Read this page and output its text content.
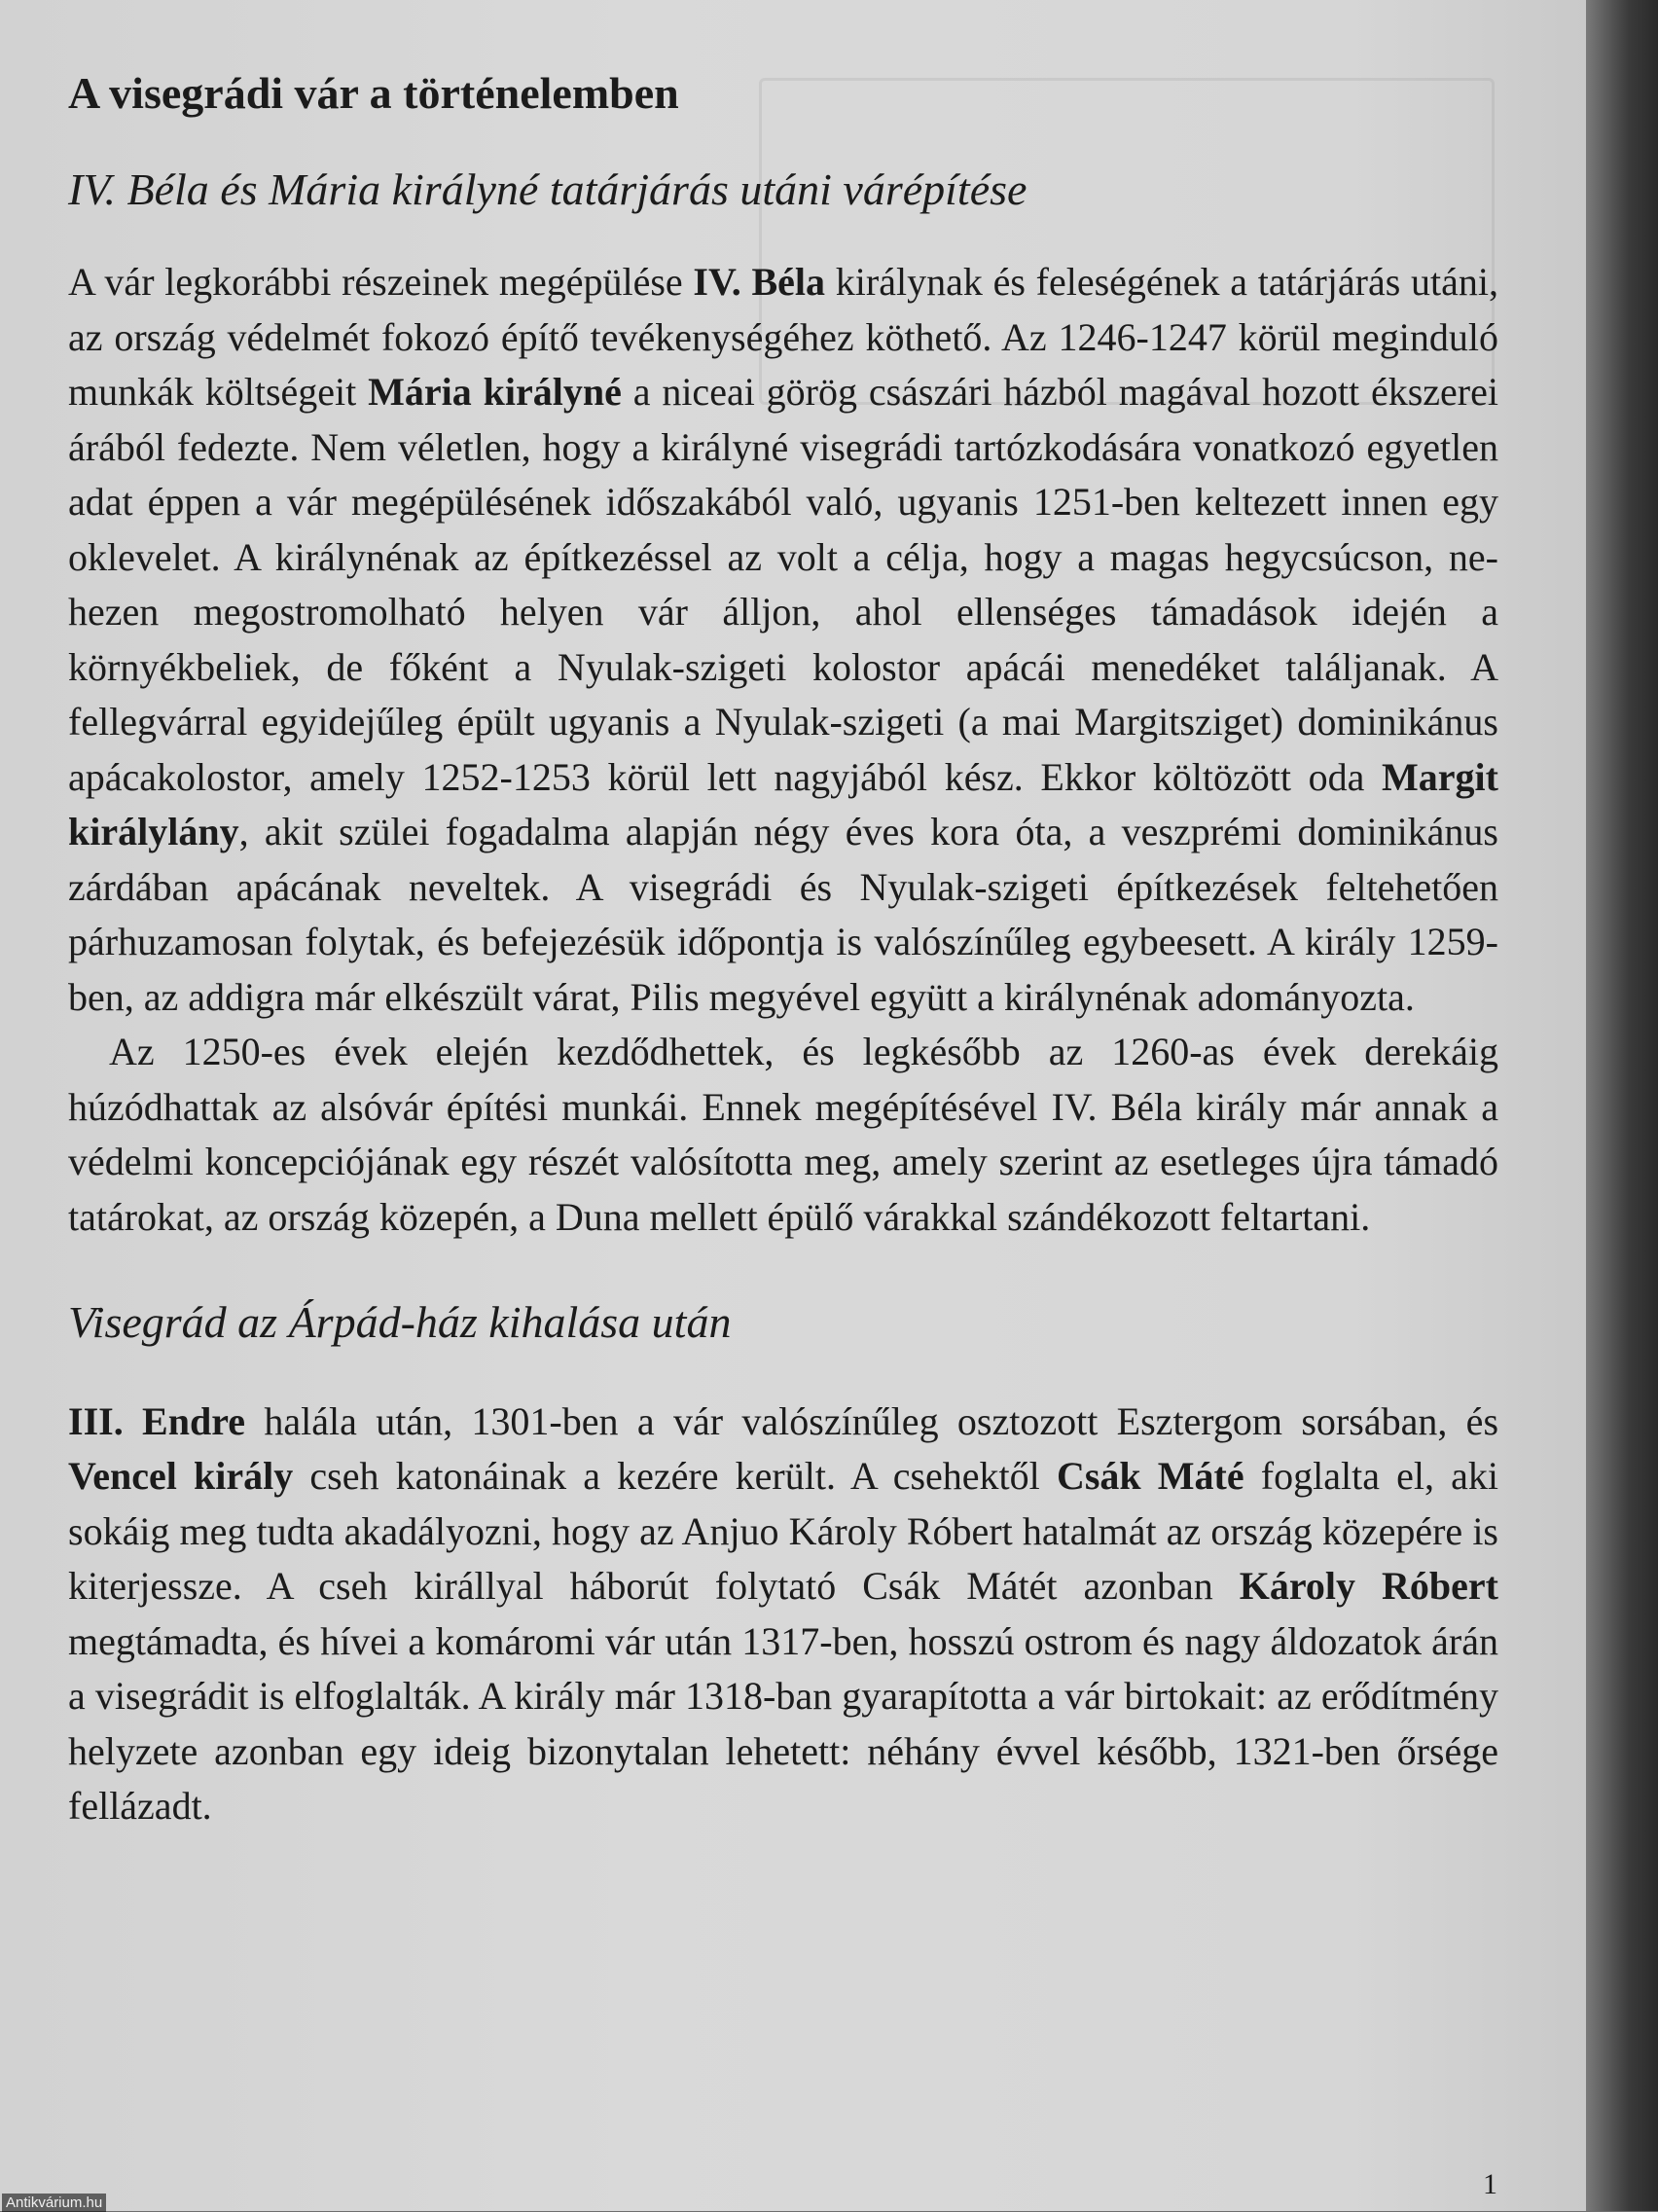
A visegrádi vár a történelemben
IV. Béla és Mária királyné tatárjárás utáni várépítése

A vár legkorábbi részeinek megépülése IV. Béla királynak és feleségének a tatárjárás utáni, az ország védelmét fokozó építő tevékenységéhez köthető. Az 1246-1247 körül meginduló munkák költségeit Mária királyné a niceai görög császári házból magával hozott ékszerei árából fedezte. Nem véletlen, hogy a királyné visegrádi tartózkodására vonatkozó egyetlen adat éppen a vár megépülésének időszakából való, ugyanis 1251-ben keltezett innen egy oklevelet. A királynénak az építkezéssel az volt a célja, hogy a magas hegycsúcson, nehezen megostromolható helyen vár álljon, ahol ellenséges támadások idején a környékbeliek, de főként a Nyulak-szigeti kolostor apácái menedéket találjanak. A fellegvárral egyidejűleg épült ugyanis a Nyulak-szigeti (a mai Margitsziget) dominikánus apácakolostor, amely 1252-1253 körül lett nagyjából kész. Ekkor költözött oda Margit királylány, akit szülei fogadalma alapján négy éves kora óta, a veszprémi dominikánus zárdában apácának neveltek. A visegrádi és Nyulak-szigeti építkezések feltehetően párhuzamosan folytak, és befejezésük időpontja is valószínűleg egybeesett. A király 1259-ben, az addigra már elkészült várat, Pilis megyével együtt a királynénak adományozta.

Az 1250-es évek elején kezdődhettek, és legkésőbb az 1260-as évek derekáig húzódhattak az alsóvár építési munkái. Ennek megépítésével IV. Béla király már annak a védelmi koncepciójának egy részét valósította meg, amely szerint az esetleges újra támadó tatárokat, az ország közepén, a Duna mellett épülő várakkal szándékozott feltartani.

Visegrád az Árpád-ház kihalása után

III. Endre halála után, 1301-ben a vár valószínűleg osztozott Esztergom sorsában, és Vencel király cseh katonáinak a kezére került. A csehektől Csák Máté foglalta el, aki sokáig meg tudta akadályozni, hogy az Anjuo Károly Róbert hatalmát az ország közepére is kiterjessze. A cseh királlyal háborút folytató Csák Mátét azonban Károly Róbert megtámadta, és hívei a komáromi vár után 1317-ben, hosszú ostrom és nagy áldozatok árán a visegrádit is elfoglalták. A király már 1318-ban gyarapította a vár birtokait: az erődítmény helyzete azonban egy ideig bizonytalan lehetett: néhány évvel később, 1321-ben őrsége fellázadt.

1
Antikvárium.hu
